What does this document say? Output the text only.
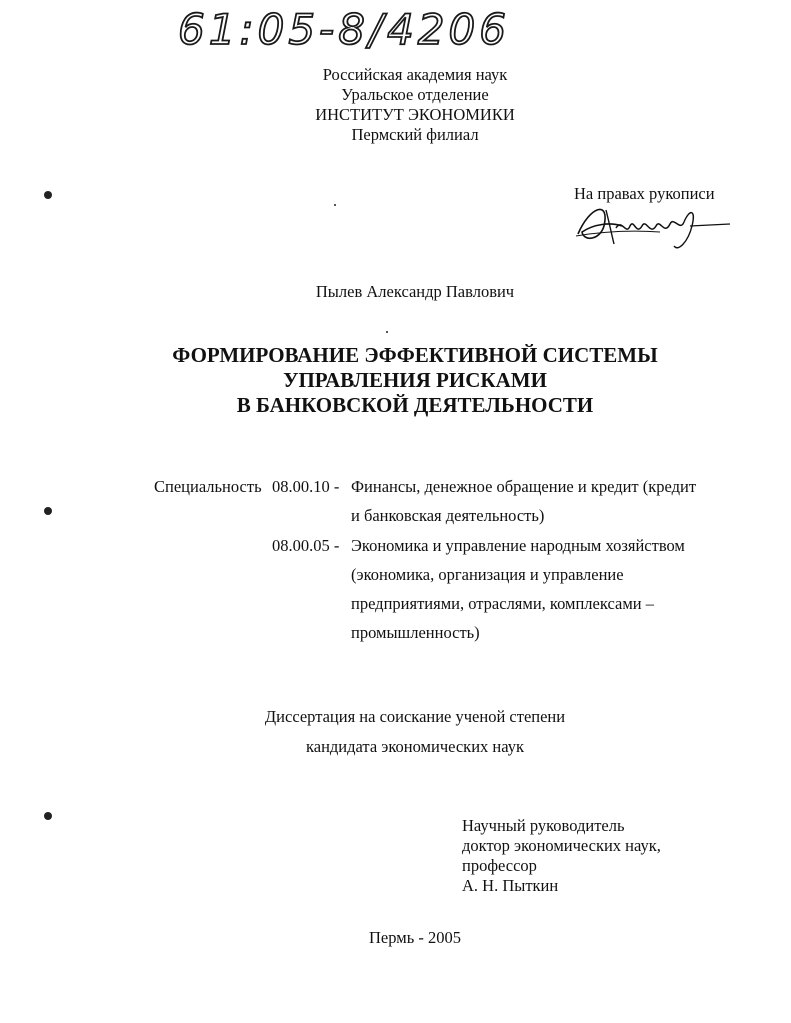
61:05-8/4206
Российская академия наук
Уральское отделение
ИНСТИТУТ ЭКОНОМИКИ
Пермский филиал
На правах рукописи
Пылев Александр Павлович
ФОРМИРОВАНИЕ ЭФФЕКТИВНОЙ СИСТЕМЫ
УПРАВЛЕНИЯ РИСКАМИ
В БАНКОВСКОЙ ДЕЯТЕЛЬНОСТИ
Специальность 08.00.10 - Финансы, денежное обращение и кредит (кредит
и банковская деятельность)
08.00.05 - Экономика и управление народным хозяйством
(экономика, организация и управление
предприятиями, отраслями, комплексами –
промышленность)
Диссертация на соискание ученой степени
кандидата экономических наук
Научный руководитель
доктор экономических наук,
профессор
А. Н. Пыткин
Пермь - 2005
